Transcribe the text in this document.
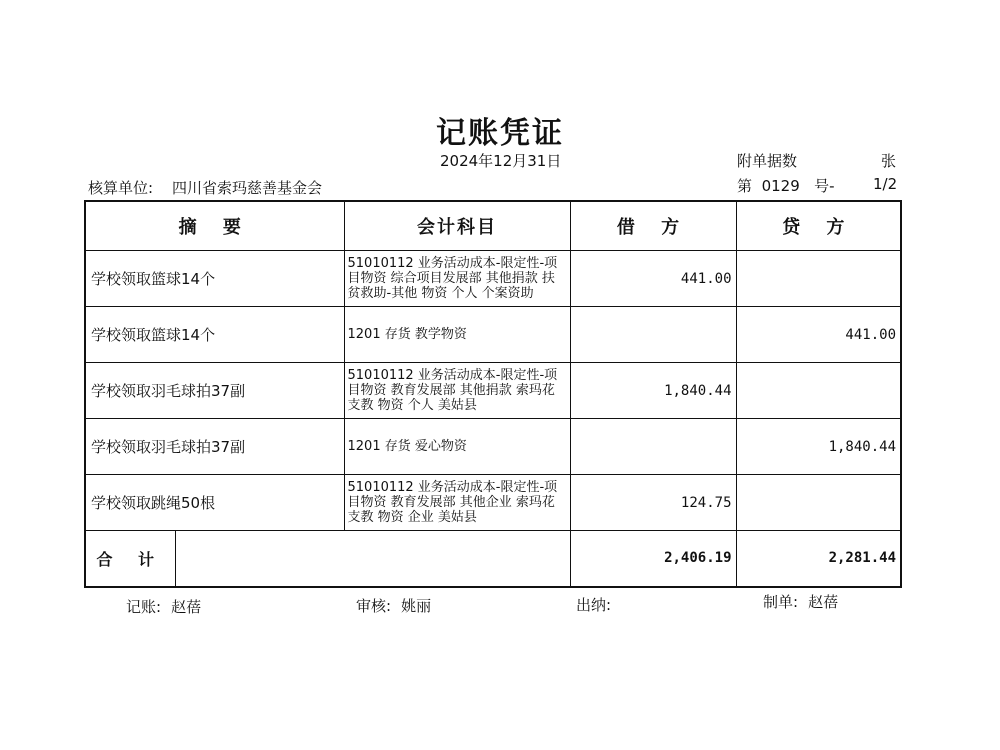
记账凭证
2024年12月31日	附单据数	张
核算单位: 四川省索玛慈善基金会	第 0129 号-	1/2
摘 要		会计科目	借 方	贷 方
学校领取篮球14个		51010112 业务活动成本-限定性-项目物资 综合项目发展部 其他捐款 扶贫救助-其他 物资 个人 个案资助	441.00	
学校领取篮球14个		1201 存货 教学物资		441.00
学校领取羽毛球拍37副		51010112 业务活动成本-限定性-项目物资 教育发展部 其他捐款 索玛花支教 物资 个人 美姑县	1,840.44	
学校领取羽毛球拍37副		1201 存货 爱心物资		1,840.44
学校领取跳绳50根		51010112 业务活动成本-限定性-项目物资 教育发展部 其他企业 索玛花支教 物资 企业 美姑县	124.75	
合 计			2,406.19	2,281.44
记账: 赵蓓	审核: 姚丽	出纳:	制单: 赵蓓
